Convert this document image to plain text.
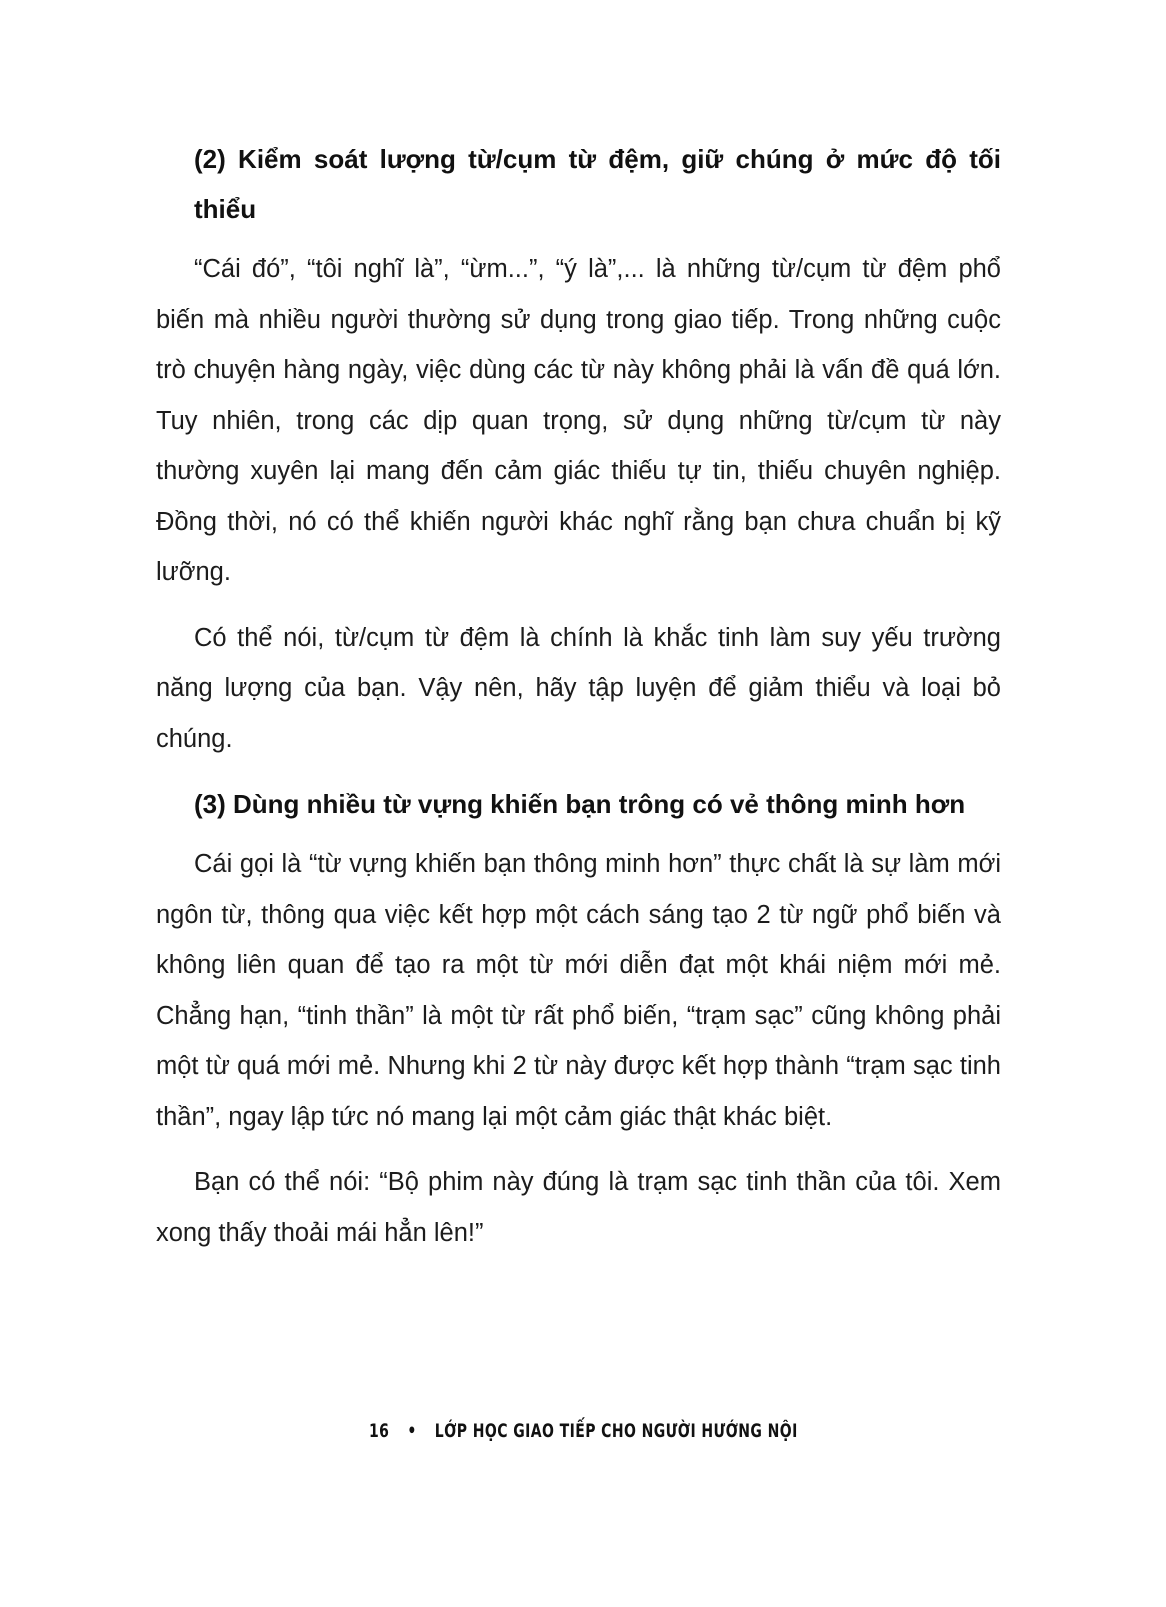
(2) Kiểm soát lượng từ/cụm từ đệm, giữ chúng ở mức độ tối thiểu

“Cái đó”, “tôi nghĩ là”, “ừm...”, “ý là”,... là những từ/cụm từ đệm phổ biến mà nhiều người thường sử dụng trong giao tiếp. Trong những cuộc trò chuyện hàng ngày, việc dùng các từ này không phải là vấn đề quá lớn. Tuy nhiên, trong các dịp quan trọng, sử dụng những từ/cụm từ này thường xuyên lại mang đến cảm giác thiếu tự tin, thiếu chuyên nghiệp. Đồng thời, nó có thể khiến người khác nghĩ rằng bạn chưa chuẩn bị kỹ lưỡng.

Có thể nói, từ/cụm từ đệm là chính là khắc tinh làm suy yếu trường năng lượng của bạn. Vậy nên, hãy tập luyện để giảm thiểu và loại bỏ chúng.

(3) Dùng nhiều từ vựng khiến bạn trông có vẻ thông minh hơn

Cái gọi là “từ vựng khiến bạn thông minh hơn” thực chất là sự làm mới ngôn từ, thông qua việc kết hợp một cách sáng tạo 2 từ ngữ phổ biến và không liên quan để tạo ra một từ mới diễn đạt một khái niệm mới mẻ. Chẳng hạn, “tinh thần” là một từ rất phổ biến, “trạm sạc” cũng không phải một từ quá mới mẻ. Nhưng khi 2 từ này được kết hợp thành “trạm sạc tinh thần”, ngay lập tức nó mang lại một cảm giác thật khác biệt.

Bạn có thể nói: “Bộ phim này đúng là trạm sạc tinh thần của tôi. Xem xong thấy thoải mái hẳn lên!”

16 • LỚP HỌC GIAO TIẾP CHO NGƯỜI HƯỚNG NỘI
